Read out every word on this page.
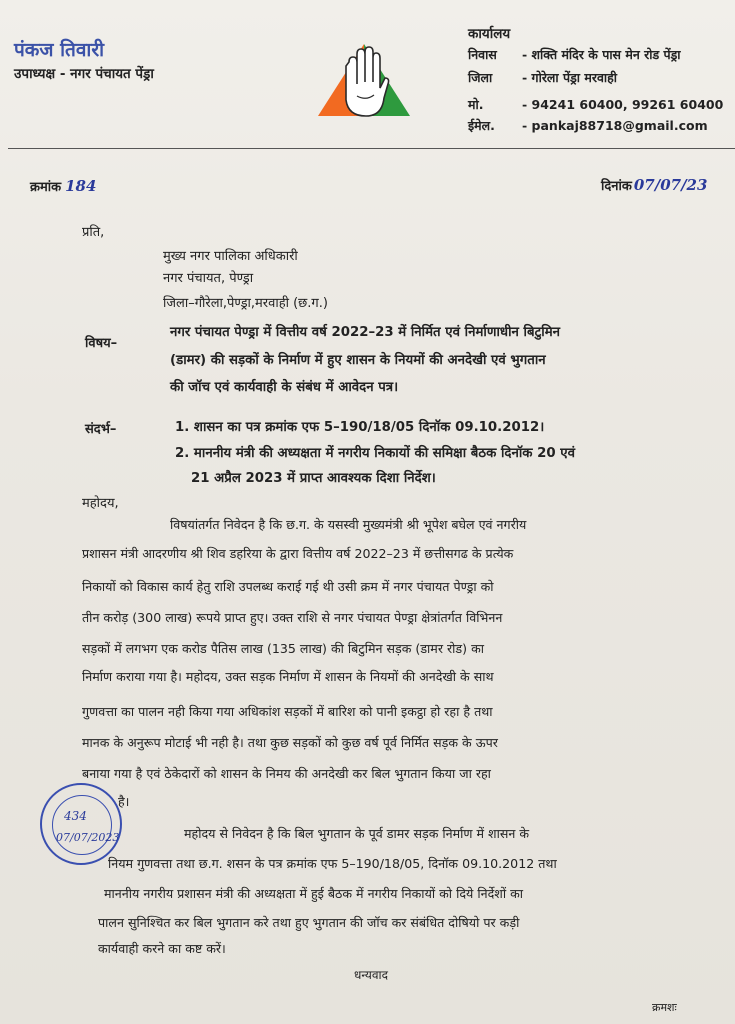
पंकज तिवारी
उपाध्यक्ष - नगर पंचायत पेंड्रा
कार्यालय
निवास - शक्ति मंदिर के पास मेन रोड पेंड्रा
जिला - गोरेला पेंड्रा मरवाही
मो.	- 94241 60400, 99261 60400
ईमेल. - pankaj88718@gmail.com
क्रमांक 184	दिनांक 07/07/23
प्रति,
मुख्य नगर पालिका अधिकारी
नगर पंचायत, पेण्ड्रा
जिला–गौरेला,पेण्ड्रा,मरवाही (छ.ग.)
विषय–
नगर पंचायत पेण्ड्रा में वित्तीय वर्ष 2022–23 में निर्मित एवं निर्माणाधीन बिटुमिन
(डामर) की सड़कों के निर्माण में हुए शासन के नियमों की अनदेखी एवं भुगतान
की जॉच एवं कार्यवाही के संबंध में आवेदन पत्र।
संदर्भ–	1. शासन का पत्र क्रमांक एफ 5–190/18/05 दिनॉक 09.10.2012।
2. माननीय मंत्री की अध्यक्षता में नगरीय निकायों की समिक्षा बैठक दिनॉक 20 एवं
21 अप्रैल 2023 में प्राप्त आवश्यक दिशा निर्देश।
महोदय,
विषयांतर्गत निवेदन है कि छ.ग. के यसस्वी मुख्यमंत्री श्री भूपेश बघेल एवं नगरीय
प्रशासन मंत्री आदरणीय श्री शिव डहरिया के द्वारा वित्तीय वर्ष 2022–23 में छत्तीसगढ के प्रत्येक
निकायों को विकास कार्य हेतु राशि उपलब्ध कराई गई थी उसी क्रम में नगर पंचायत पेण्ड्रा को
तीन करोड़ (300 लाख) रूपये प्राप्त हुए। उक्त राशि से नगर पंचायत पेण्ड्रा क्षेत्रांतर्गत विभिनन
सड़कों में लगभग एक करोड पैतिस लाख (135 लाख) की बिटुमिन सड़क (डामर रोड) का
निर्माण कराया गया है। महोदय, उक्त सड़क निर्माण में शासन के नियमों की अनदेखी के साथ
गुणवत्ता का पालन नही किया गया अधिकांश सड़कों में बारिश को पानी इकट्ठा हो रहा है तथा
मानक के अनुरूप मोटाई भी नही है। तथा कुछ सड़कों को कुछ वर्ष पूर्व निर्मित सड़क के ऊपर
बनाया गया है एवं ठेकेदारों को शासन के निमय की अनदेखी कर बिल भुगतान किया जा रहा
है।
महोदय से निवेदन है कि बिल भुगतान के पूर्व डामर सड़क निर्माण में शासन के
नियम गुणवत्ता तथा छ.ग. शसन के पत्र क्रमांक एफ 5–190/18/05, दिनॉक 09.10.2012 तथा
माननीय नगरीय प्रशासन मंत्री की अध्यक्षता में हुई बैठक में नगरीय निकायों को दिये निर्देशों का
पालन सुनिश्चित कर बिल भुगतान करे तथा हुए भुगतान की जॉच कर संबंधित दोषियो पर कड़ी
कार्यवाही करने का कष्ट करें।
धन्यवाद
क्रमशः
434
07/07/2023
